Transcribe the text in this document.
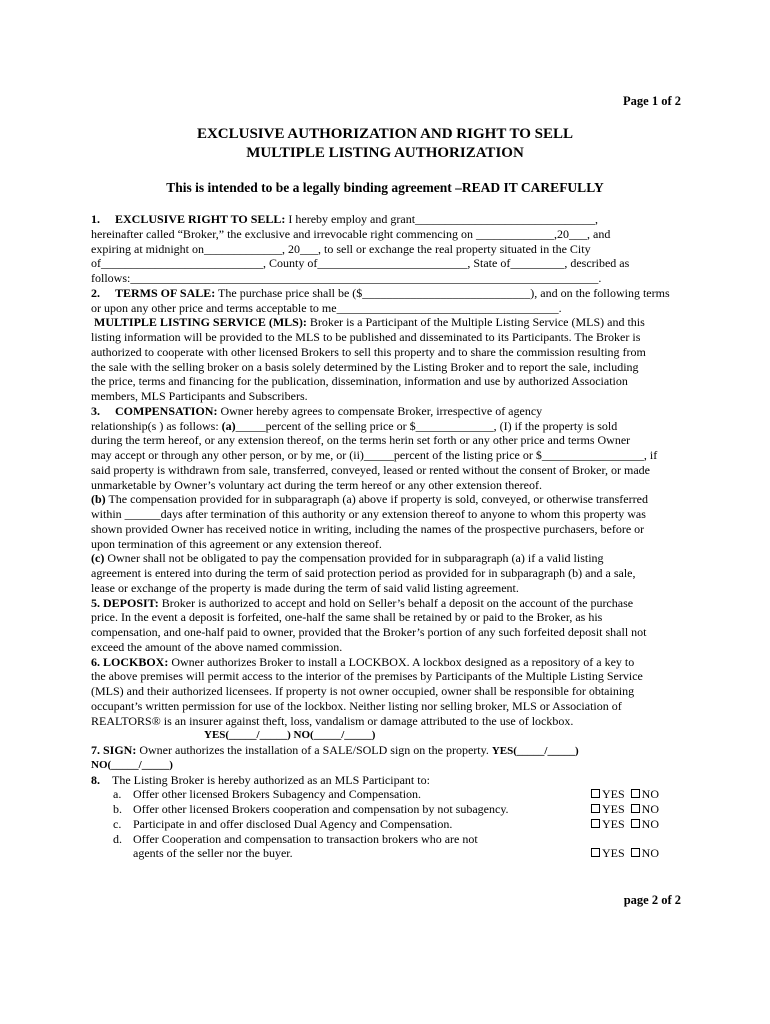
Page 1 of 2
EXCLUSIVE AUTHORIZATION AND RIGHT TO SELL
MULTIPLE LISTING AUTHORIZATION
This is intended to be a legally binding agreement –READ IT CAREFULLY
1. EXCLUSIVE RIGHT TO SELL: I hereby employ and grant______________________________,
hereinafter called “Broker,” the exclusive and irrevocable right commencing on _____________,20___, and
expiring at midnight on_____________, 20___, to sell or exchange the real property situated in the City
of___________________________, County of_________________________, State of_________, described as
follows:______________________________________________________________________________.
2. TERMS OF SALE: The purchase price shall be ($____________________________), and on the following terms
or upon any other price and terms acceptable to me_____________________________________.
MULTIPLE LISTING SERVICE (MLS): Broker is a Participant of the Multiple Listing Service (MLS) and this
listing information will be provided to the MLS to be published and disseminated to its Participants. The Broker is
authorized to cooperate with other licensed Brokers to sell this property and to share the commission resulting from
the sale with the selling broker on a basis solely determined by the Listing Broker and to report the sale, including
the price, terms and financing for the publication, dissemination, information and use by authorized Association
members, MLS Participants and Subscribers.
3. COMPENSATION: Owner hereby agrees to compensate Broker, irrespective of agency
relationship(s ) as follows: (a)_____percent of the selling price or $_____________, (I) if the property is sold
during the term hereof, or any extension thereof, on the terms herin set forth or any other price and terms Owner
may accept or through any other person, or by me, or (ii)_____percent of the listing price or $_________________, if
said property is withdrawn from sale, transferred, conveyed, leased or rented without the consent of Broker, or made
unmarketable by Owner’s voluntary act during the term hereof or any other extension thereof.
(b) The compensation provided for in subparagraph (a) above if property is sold, conveyed, or otherwise transferred
within ______days after termination of this authority or any extension thereof to anyone to whom this property was
shown provided Owner has received notice in writing, including the names of the prospective purchasers, before or
upon termination of this agreement or any extension thereof.
(c) Owner shall not be obligated to pay the compensation provided for in subparagraph (a) if a valid listing
agreement is entered into during the term of said protection period as provided for in subparagraph (b) and a sale,
lease or exchange of the property is made during the term of said valid listing agreement.
5. DEPOSIT: Broker is authorized to accept and hold on Seller’s behalf a deposit on the account of the purchase
price. In the event a deposit is forfeited, one-half the same shall be retained by or paid to the Broker, as his
compensation, and one-half paid to owner, provided that the Broker’s portion of any such forfeited deposit shall not
exceed the amount of the above named commission.
6. LOCKBOX: Owner authorizes Broker to install a LOCKBOX. A lockbox designed as a repository of a key to
the above premises will permit access to the interior of the premises by Participants of the Multiple Listing Service
(MLS) and their authorized licensees. If property is not owner occupied, owner shall be responsible for obtaining
occupant’s written permission for use of the lockbox. Neither listing nor selling broker, MLS or Association of
REALTORS® is an insurer against theft, loss, vandalism or damage attributed to the use of lockbox.
YES(_____/_____) NO(_____/_____)
7. SIGN: Owner authorizes the installation of a SALE/SOLD sign on the property. YES(_____/_____)
NO(_____/_____)
8. The Listing Broker is hereby authorized as an MLS Participant to:
a. Offer other licensed Brokers Subagency and Compensation.	YES NO
b. Offer other licensed Brokers cooperation and compensation by not subagency.	YES NO
c. Participate in and offer disclosed Dual Agency and Compensation.	YES NO
d. Offer Cooperation and compensation to transaction brokers who are not
agents of the seller nor the buyer.	YES NO
page 2 of 2
